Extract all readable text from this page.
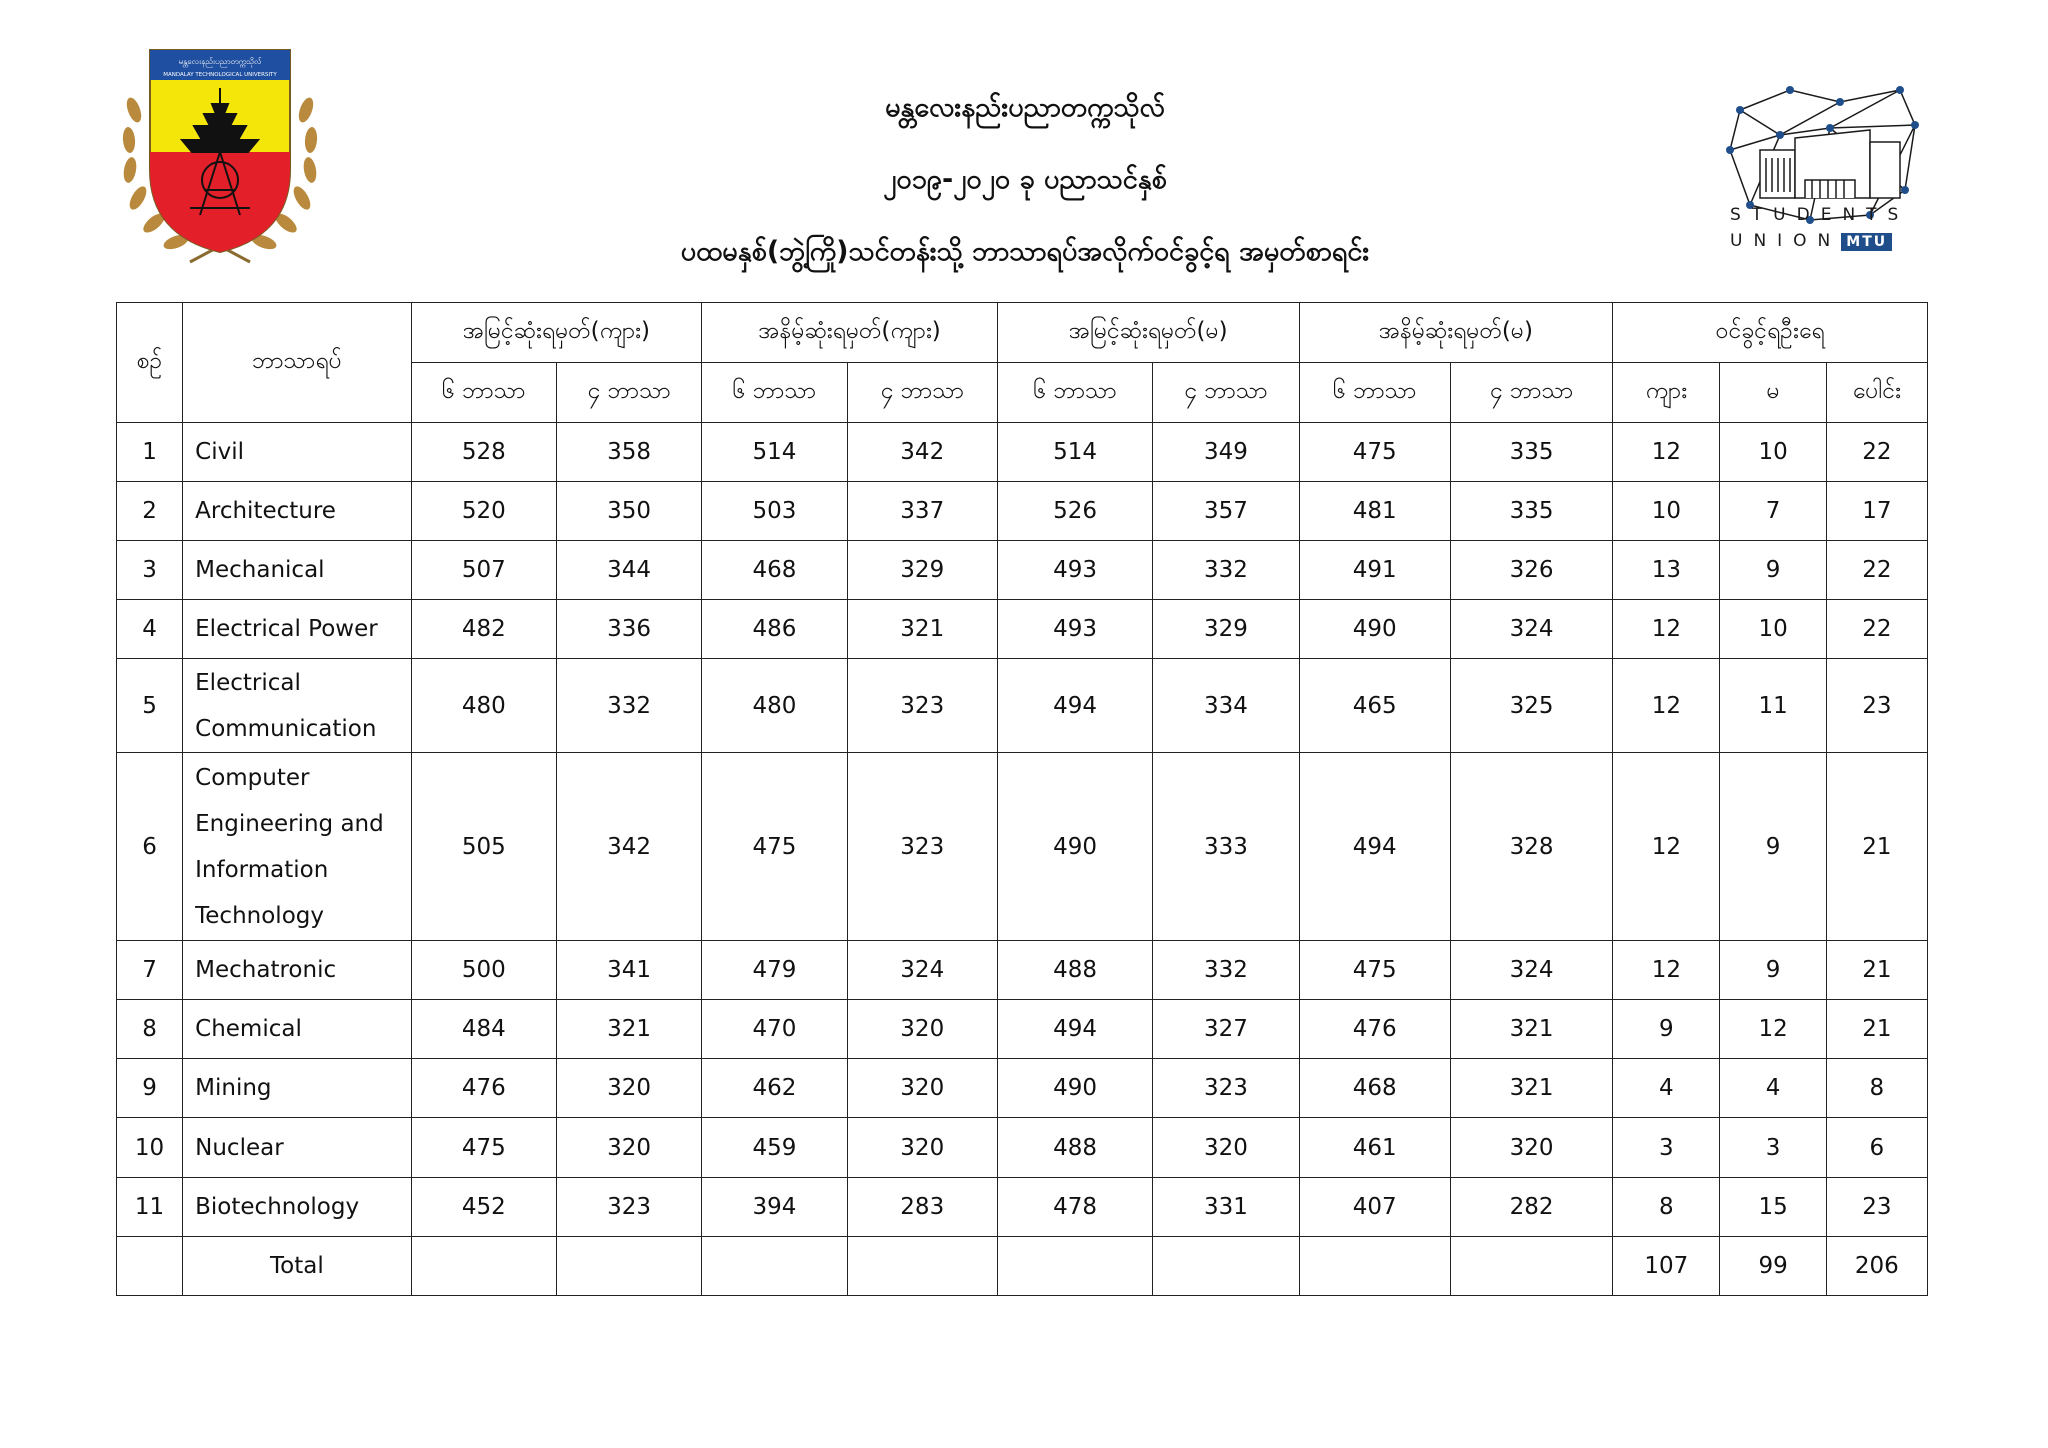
မန္တလေးနည်းပညာတက္ကသိုလ်
MANDALAY TECHNOLOGICAL UNIVERSITY
မန္တလေးနည်းပညာတက္ကသိုလ်
၂၀၁၉-၂၀၂၀ ခု ပညာသင်နှစ်
ပထမနှစ်(ဘွဲ့ကြို)သင်တန်းသို့ ဘာသာရပ်အလိုက်ဝင်ခွင့်ရ အမှတ်စာရင်း
STUDENTS
UNION MTU
စဉ်	ဘာသာရပ်	အမြင့်ဆုံးရမှတ်(ကျား)		အနိမ့်ဆုံးရမှတ်(ကျား)		အမြင့်ဆုံးရမှတ်(မ)		အနိမ့်ဆုံးရမှတ်(မ)		ဝင်ခွင့်ရဦးရေ		
		၆ ဘာသာ	၄ ဘာသာ	၆ ဘာသာ	၄ ဘာသာ	၆ ဘာသာ	၄ ဘာသာ	၆ ဘာသာ	၄ ဘာသာ	ကျား	မ	ပေါင်း
1	Civil	528	358	514	342	514	349	475	335	12	10	22
2	Architecture	520	350	503	337	526	357	481	335	10	7	17
3	Mechanical	507	344	468	329	493	332	491	326	13	9	22
4	Electrical Power	482	336	486	321	493	329	490	324	12	10	22
5	Electrical
Communication	480	332	480	323	494	334	465	325	12	11	23
6	Computer
Engineering and
Information
Technology	505	342	475	323	490	333	494	328	12	9	21
7	Mechatronic	500	341	479	324	488	332	475	324	12	9	21
8	Chemical	484	321	470	320	494	327	476	321	9	12	21
9	Mining	476	320	462	320	490	323	468	321	4	4	8
10	Nuclear	475	320	459	320	488	320	461	320	3	3	6
11	Biotechnology	452	323	394	283	478	331	407	282	8	15	23
	Total									107	99	206
